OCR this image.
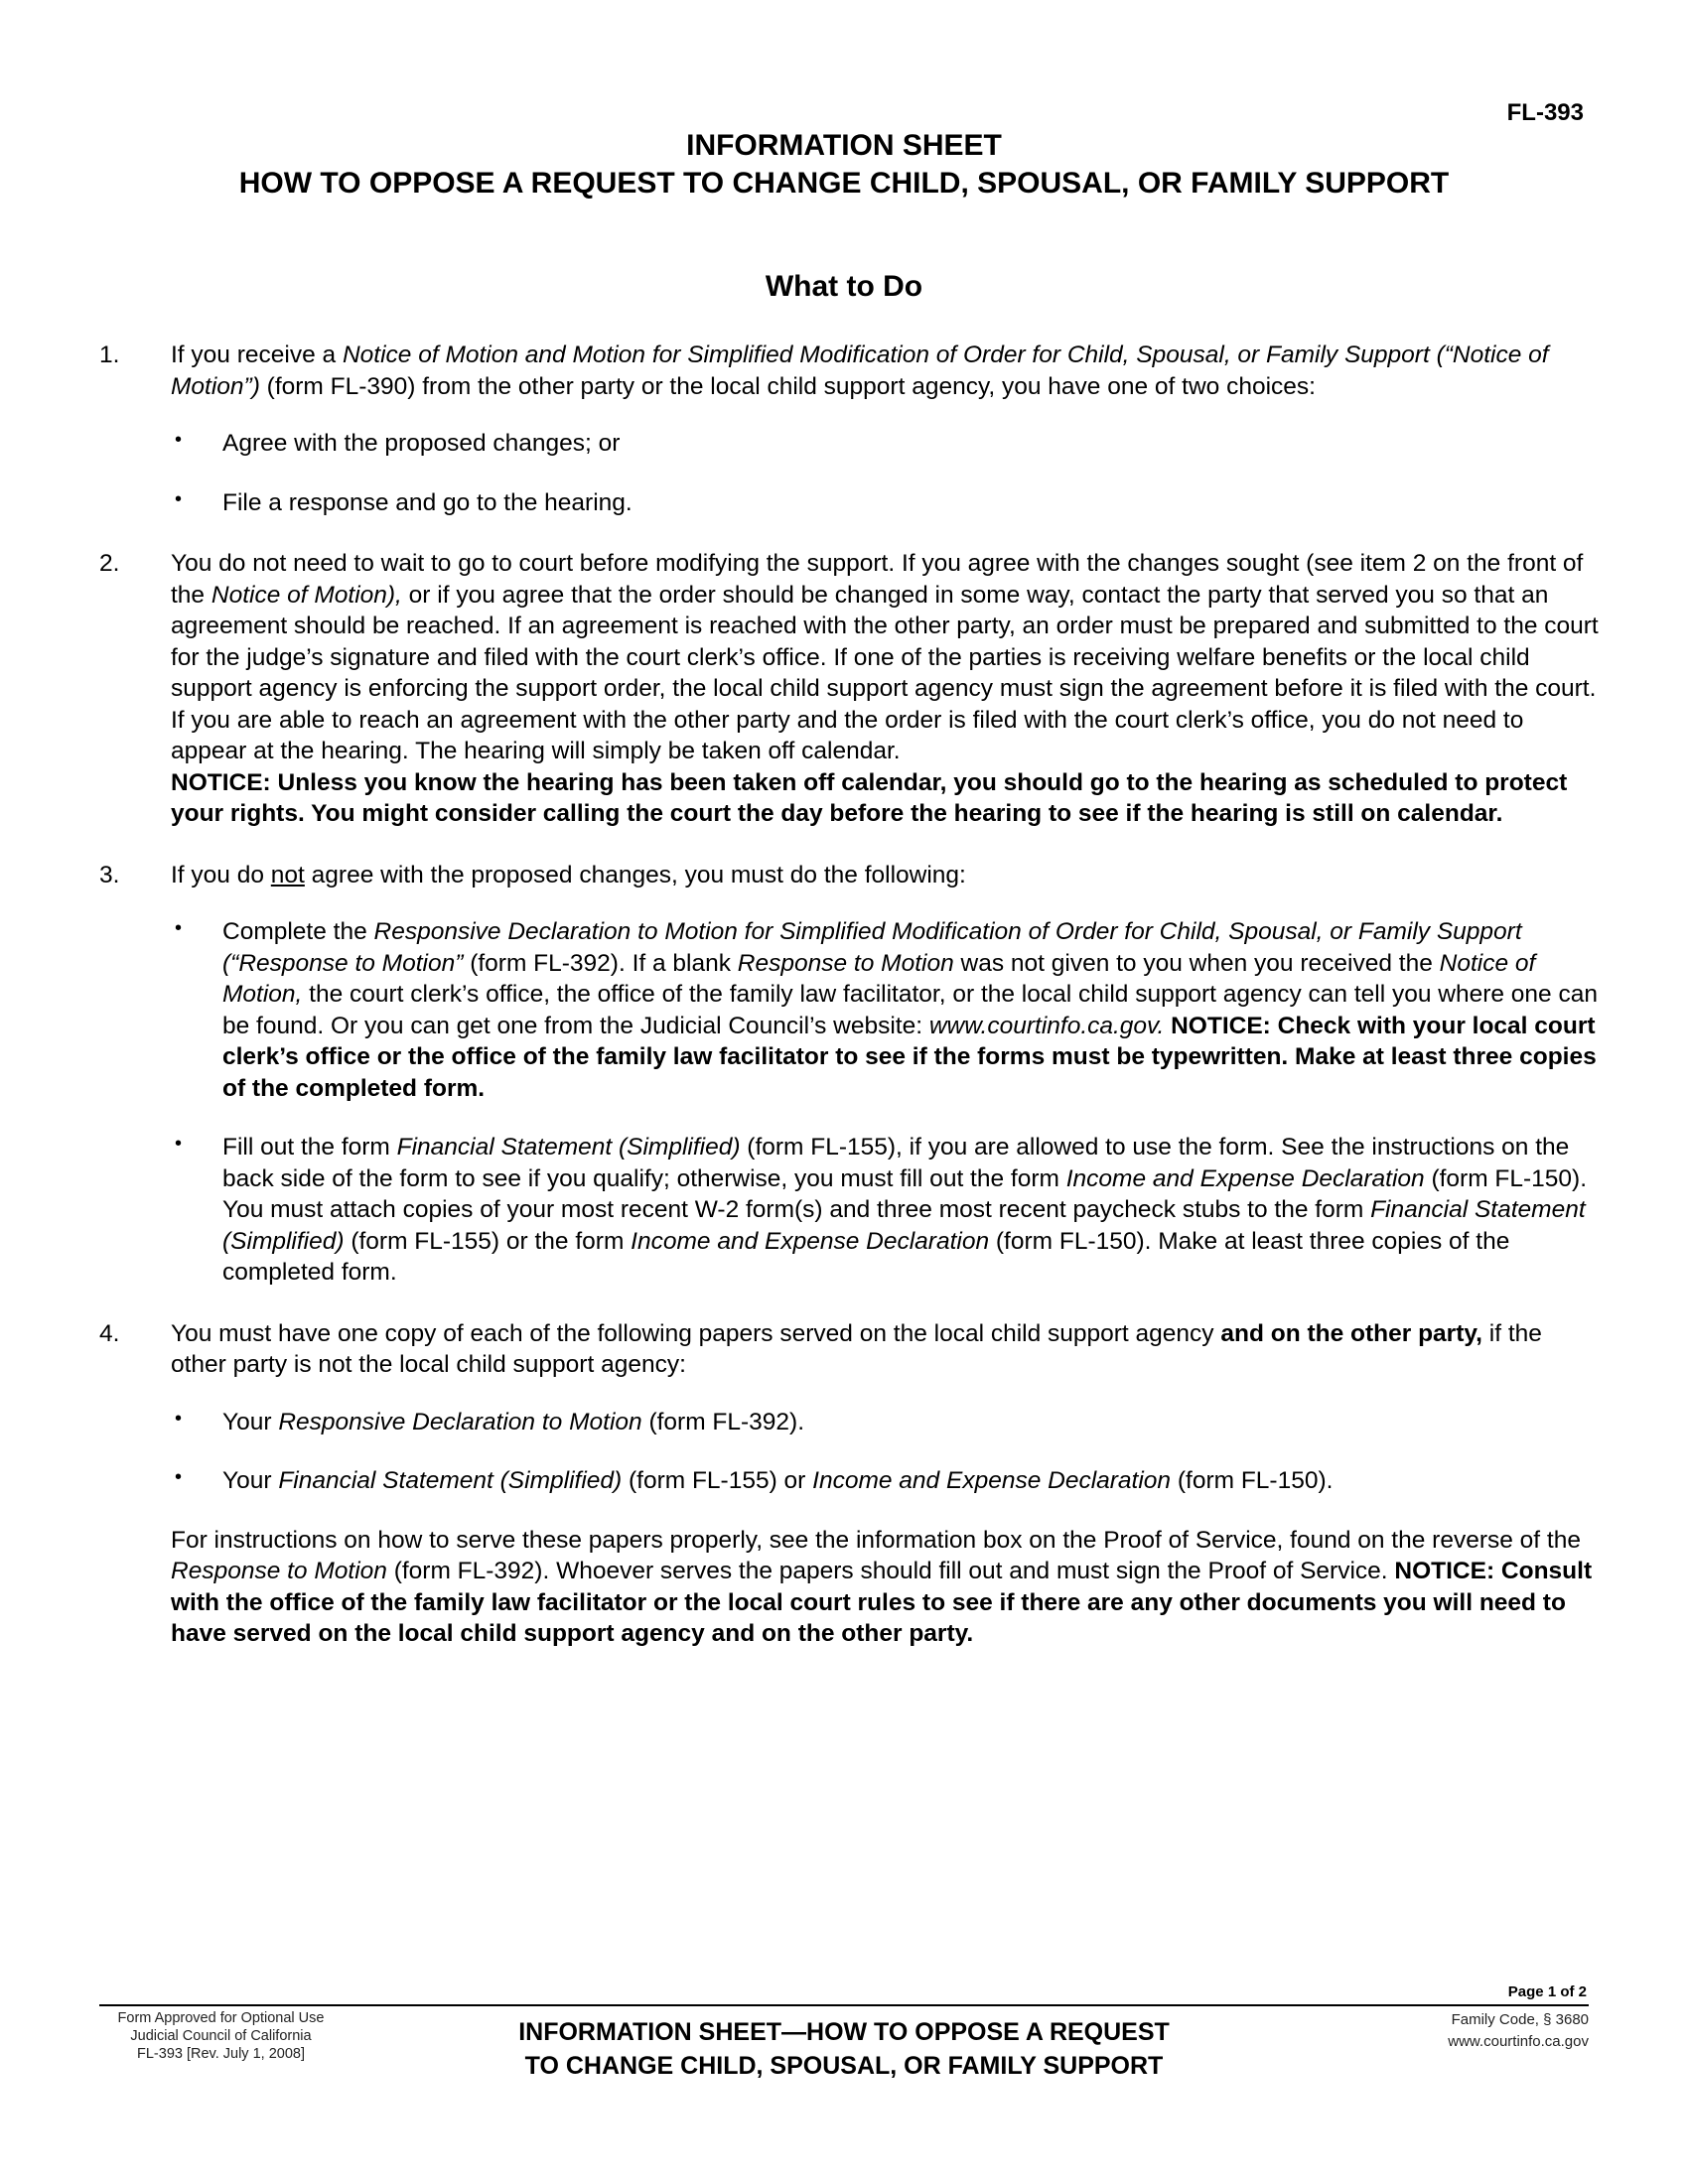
FL-393
INFORMATION SHEET
HOW TO OPPOSE A REQUEST TO CHANGE CHILD, SPOUSAL, OR FAMILY SUPPORT
What to Do
1. If you receive a Notice of Motion and Motion for Simplified Modification of Order for Child, Spousal, or Family Support (“Notice of Motion”) (form FL-390) from the other party or the local child support agency, you have one of two choices:

• Agree with the proposed changes; or
• File a response and go to the hearing.
2. You do not need to wait to go to court before modifying the support. If you agree with the changes sought (see item 2 on the front of the Notice of Motion), or if you agree that the order should be changed in some way, contact the party that served you so that an agreement should be reached. If an agreement is reached with the other party, an order must be prepared and submitted to the court for the judge’s signature and filed with the court clerk’s office. If one of the parties is receiving welfare benefits or the local child support agency is enforcing the support order, the local child support agency must sign the agreement before it is filed with the court. If you are able to reach an agreement with the other party and the order is filed with the court clerk’s office, you do not need to appear at the hearing. The hearing will simply be taken off calendar.

NOTICE: Unless you know the hearing has been taken off calendar, you should go to the hearing as scheduled to protect your rights. You might consider calling the court the day before the hearing to see if the hearing is still on calendar.

3. If you do not agree with the proposed changes, you must do the following:

• Complete the Responsive Declaration to Motion for Simplified Modification of Order for Child, Spousal, or Family Support (“Response to Motion” (form FL-392). If a blank Response to Motion was not given to you when you received the Notice of Motion, the court clerk’s office, the office of the family law facilitator, or the local child support agency can tell you where one can be found. Or you can get one from the Judicial Council’s website: www.courtinfo.ca.gov. NOTICE: Check with your local court clerk’s office or the office of the family law facilitator to see if the forms must be typewritten. Make at least three copies of the completed form.
• Fill out the form Financial Statement (Simplified) (form FL-155), if you are allowed to use the form. See the instructions on the back side of the form to see if you qualify; otherwise, you must fill out the form Income and Expense Declaration (form FL-150). You must attach copies of your most recent W-2 form(s) and three most recent paycheck stubs to the form Financial Statement (Simplified) (form FL-155) or the form Income and Expense Declaration (form FL-150). Make at least three copies of the completed form.
4. You must have one copy of each of the following papers served on the local child support agency and on the other party, if the other party is not the local child support agency:

• Your Responsive Declaration to Motion (form FL-392).
• Your Financial Statement (Simplified) (form FL-155) or Income and Expense Declaration (form FL-150).

For instructions on how to serve these papers properly, see the information box on the Proof of Service, found on the reverse of the Response to Motion (form FL-392). Whoever serves the papers should fill out and must sign the Proof of Service. NOTICE: Consult with the office of the family law facilitator or the local court rules to see if there are any other documents you will need to have served on the local child support agency and on the other party.

Page 1 of 2
Form Approved for Optional Use
Judicial Council of California
FL-393 [Rev. July 1, 2008]
INFORMATION SHEET—HOW TO OPPOSE A REQUEST
TO CHANGE CHILD, SPOUSAL, OR FAMILY SUPPORT
Family Code, § 3680
www.courtinfo.ca.gov
